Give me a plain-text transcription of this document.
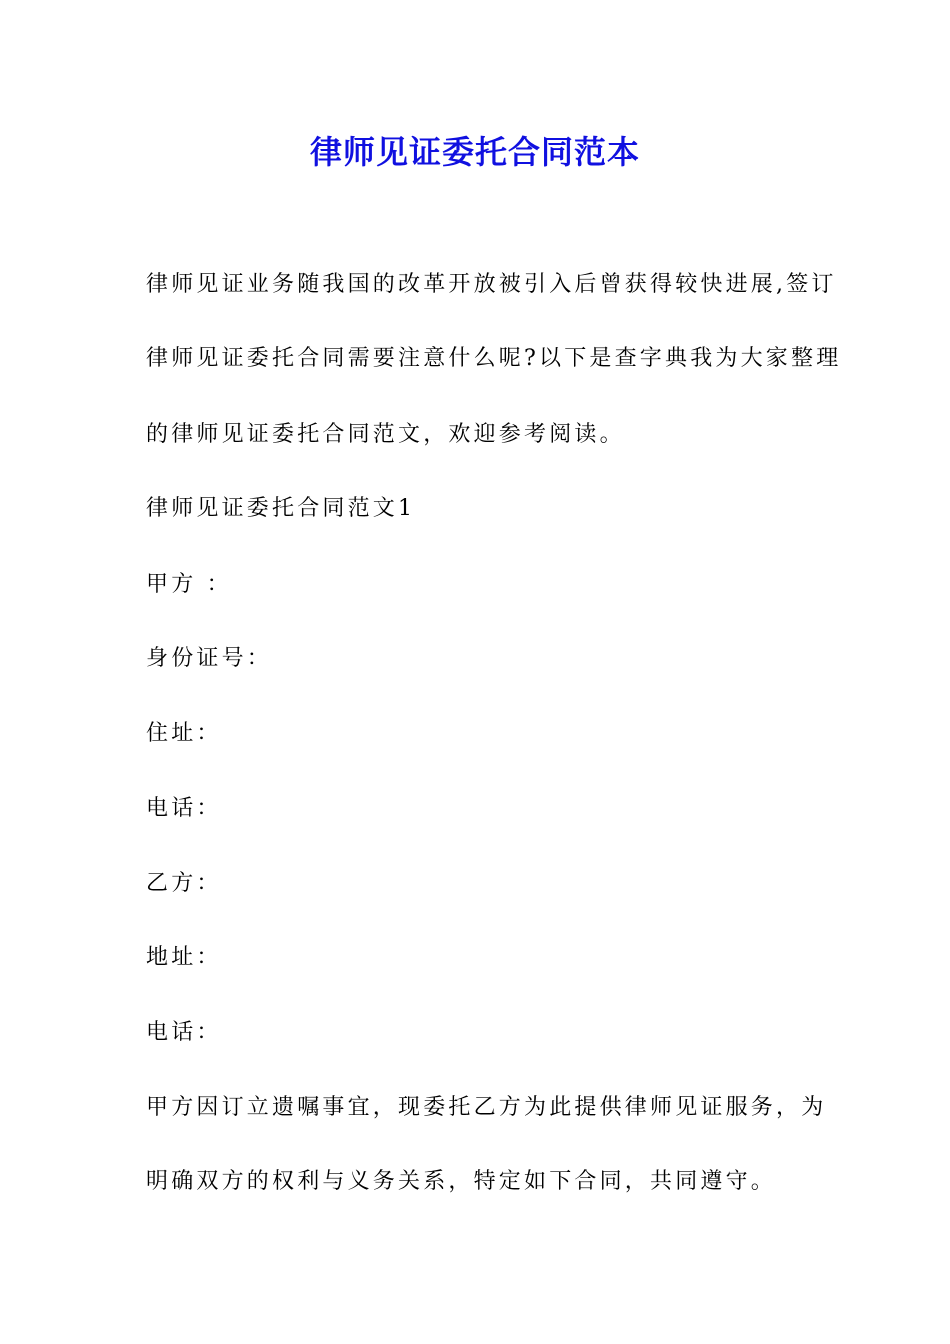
律师见证委托合同范本
律师见证业务随我国的改革开放被引入后曾获得较快进展,签订
律师见证委托合同需要注意什么呢?以下是查字典我为大家整理
的律师见证委托合同范文，欢迎参考阅读。
律师见证委托合同范文1
甲方 ：
身份证号：
住址：
电话：
乙方：
地址：
电话：
甲方因订立遗嘱事宜，现委托乙方为此提供律师见证服务，为
明确双方的权利与义务关系，特定如下合同，共同遵守。
